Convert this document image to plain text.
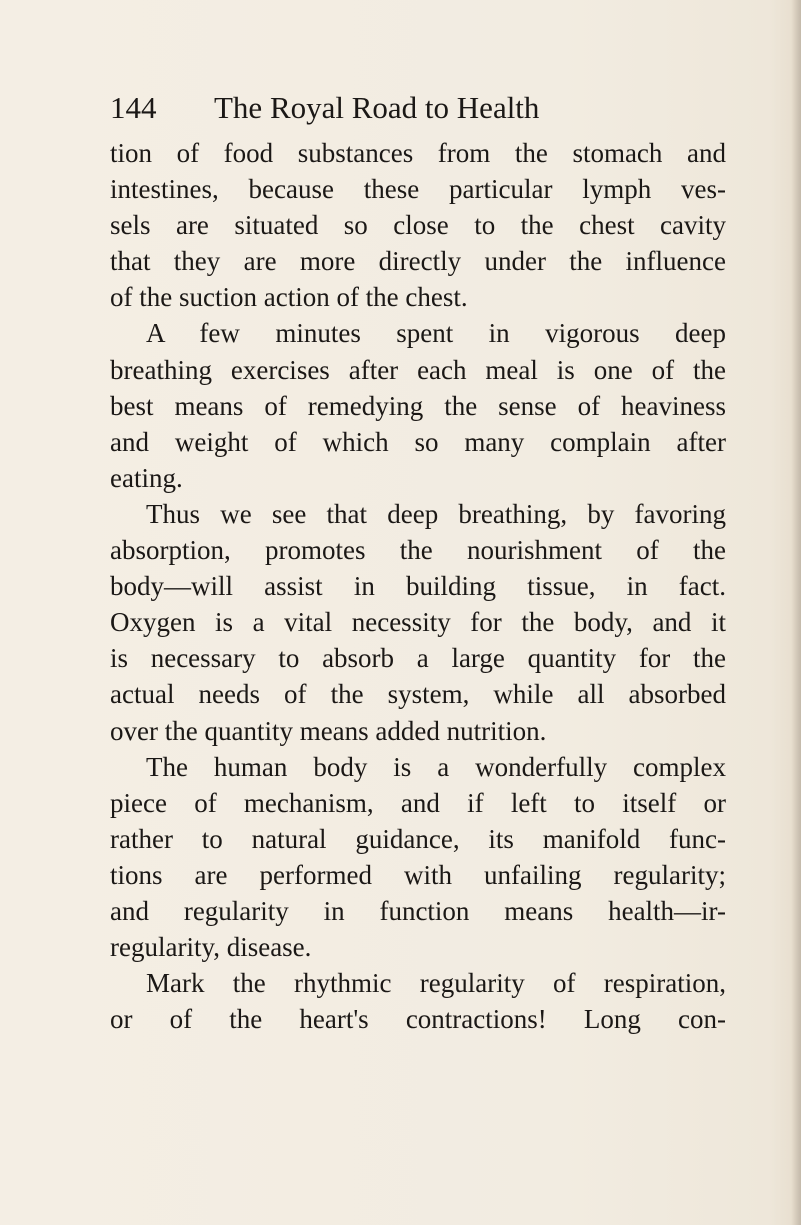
144 The Royal Road to Health
tion of food substances from the stomach and
intestines, because these particular lymph ves-
sels are situated so close to the chest cavity
that they are more directly under the influence
of the suction action of the chest.
A few minutes spent in vigorous deep
breathing exercises after each meal is one of the
best means of remedying the sense of heaviness
and weight of which so many complain after
eating.
Thus we see that deep breathing, by favoring
absorption, promotes the nourishment of the
body—will assist in building tissue, in fact.
Oxygen is a vital necessity for the body, and it
is necessary to absorb a large quantity for the
actual needs of the system, while all absorbed
over the quantity means added nutrition.
The human body is a wonderfully complex
piece of mechanism, and if left to itself or
rather to natural guidance, its manifold func-
tions are performed with unfailing regularity;
and regularity in function means health—ir-
regularity, disease.
Mark the rhythmic regularity of respiration,
or of the heart's contractions! Long con-
